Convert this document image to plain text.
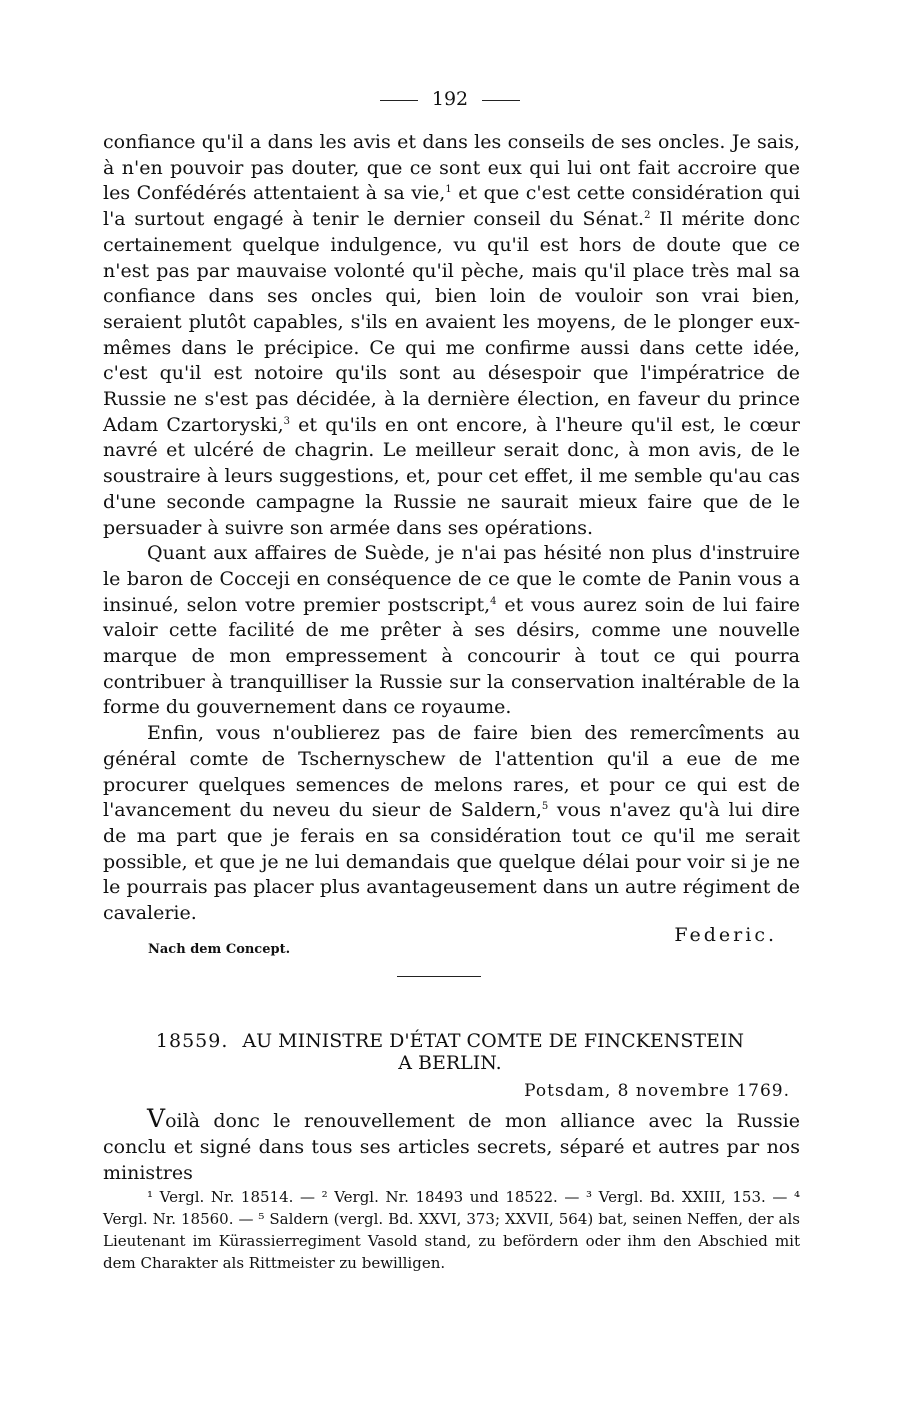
192

confiance qu'il a dans les avis et dans les conseils de ses oncles. Je sais, à n'en pouvoir pas douter, que ce sont eux qui lui ont fait accroire que les Confédérés attentaient à sa vie,$^1$ et que c'est cette considération qui l'a surtout engagé à tenir le dernier conseil du Sénat.$^2$ Il mérite donc certainement quelque indulgence, vu qu'il est hors de doute que ce n'est pas par mauvaise volonté qu'il pèche, mais qu'il place très mal sa confiance dans ses oncles qui, bien loin de vouloir son vrai bien, seraient plutôt capables, s'ils en avaient les moyens, de le plonger eux-mêmes dans le précipice. Ce qui me confirme aussi dans cette idée, c'est qu'il est notoire qu'ils sont au désespoir que l'impératrice de Russie ne s'est pas décidée, à la dernière élection, en faveur du prince Adam Czartoryski,$^3$ et qu'ils en ont encore, à l'heure qu'il est, le cœur navré et ulcéré de chagrin. Le meilleur serait donc, à mon avis, de le soustraire à leurs suggestions, et, pour cet effet, il me semble qu'au cas d'une seconde campagne la Russie ne saurait mieux faire que de le persuader à suivre son armée dans ses opérations.

Quant aux affaires de Suède, je n'ai pas hésité non plus d'instruire le baron de Cocceji en conséquence de ce que le comte de Panin vous a insinué, selon votre premier postscript,$^4$ et vous aurez soin de lui faire valoir cette facilité de me prêter à ses désirs, comme une nouvelle marque de mon empressement à concourir à tout ce qui pourra contribuer à tranquilliser la Russie sur la conservation inaltérable de la forme du gouvernement dans ce royaume.

Enfin, vous n'oublierez pas de faire bien des remercîments au général comte de Tschernyschew de l'attention qu'il a eue de me procurer quelques semences de melons rares, et pour ce qui est de l'avancement du neveu du sieur de Saldern,$^5$ vous n'avez qu'à lui dire de ma part que je ferais en sa considération tout ce qu'il me serait possible, et que je ne lui demandais que quelque délai pour voir si je ne le pourrais pas placer plus avantageusement dans un autre régiment de cavalerie.

Federic.
Nach dem Concept.
18559. AU MINISTRE D'ÉTAT COMTE DE FINCKENSTEIN
A BERLIN.
Potsdam, 8 novembre 1769.

Voilà donc le renouvellement de mon alliance avec la Russie conclu et signé dans tous ses articles secrets, séparé et autres par nos ministres

¹ Vergl. Nr. 18514. — ² Vergl. Nr. 18493 und 18522. — ³ Vergl. Bd. XXIII, 153. — ⁴ Vergl. Nr. 18560. — ⁵ Saldern (vergl. Bd. XXVI, 373; XXVII, 564) bat, seinen Neffen, der als Lieutenant im Kürassierregiment Vasold stand, zu befördern oder ihm den Abschied mit dem Charakter als Rittmeister zu bewilligen.
